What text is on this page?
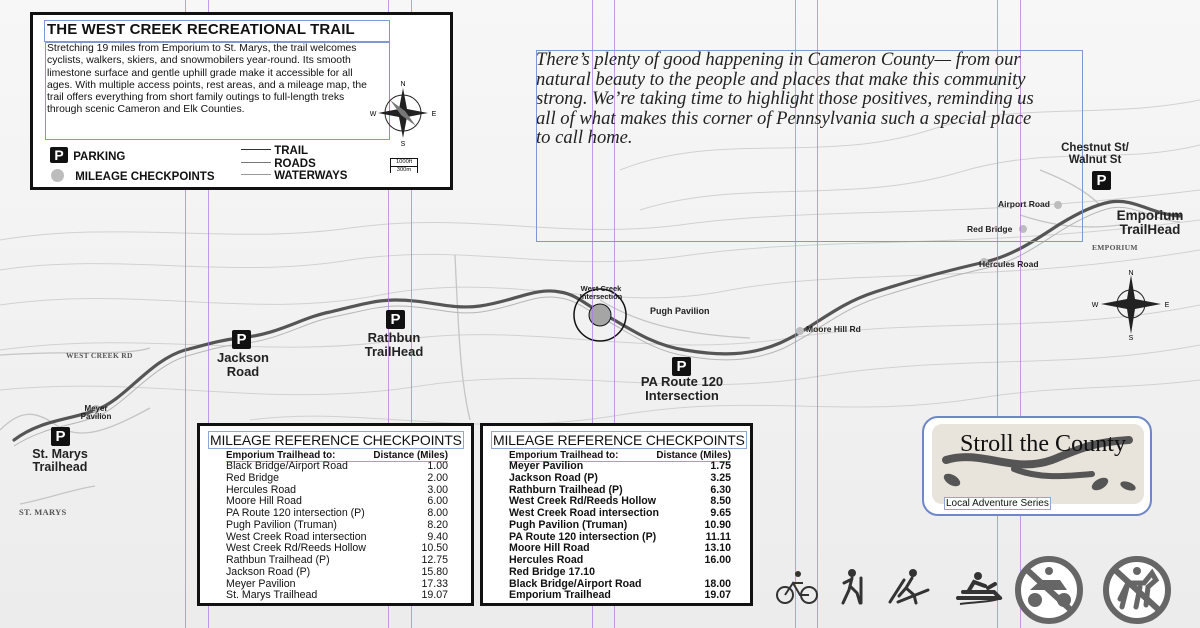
THE WEST CREEK RECREATIONAL TRAIL
Stretching 19 miles from Emporium to St. Marys, the trail welcomes cyclists, walkers, skiers, and snowmobilers year-round. Its smooth limestone surface and gentle uphill grade make it accessible for all ages. With multiple access points, rest areas, and a mileage map, the trail offers everything from short family outings to full-length treks through scenic Cameron and Elk Counties.
P PARKING
MILEAGE CHECKPOINTS
TRAIL
ROADS
WATERWAYS
1000ft
300m
N
S
E
W
There’s plenty of good happening in Cameron County— from our natural beauty to the people and places that make this community strong. We’re taking time to highlight those positives, reminding us all of what makes this corner of Pennsylvania such a special place to call home.	Chestnut St/ Walnut St
P
Airport Road
Red Bridge
Emporium TrailHead
EMPORIUM
Hercules Road
West Creek Intersection
Pugh Pavilion
Moore Hill Rd
P
Rathbun TrailHead
P
Jackson Road	P
PA Route 120 Intersection
WEST CREEK RD
Meyer Pavilion
P
St. Marys Trailhead
ST. MARYS
N
S
E
W
MILEAGE REFERENCE CHECKPOINTS
Emporium Trailhead to:	Distance (Miles)
Black Bridge/Airport Road	1.00
Red Bridge	2.00
Hercules Road	3.00
Moore Hill Road	6.00
PA Route 120 intersection (P)	8.00
Pugh Pavilion (Truman)	8.20
West Creek Road intersection	9.40
West Creek Rd/Reeds Hollow	10.50
Rathbun Trailhead (P)	12.75
Jackson Road (P)	15.80
Meyer Pavilion	17.33
St. Marys Trailhead	19.07
MILEAGE REFERENCE CHECKPOINTS
Emporium Trailhead to:	Distance (Miles)
Meyer Pavilion	1.75
Jackson Road (P)	3.25
Rathburn Trailhead (P)	6.30
West Creek Rd/Reeds Hollow	8.50
West Creek Road intersection	9.65
Pugh Pavilion (Truman)	10.90
PA Route 120 intersection (P)	11.11
Moore Hill Road	13.10
Hercules Road	16.00
Red Bridge 17.10
Black Bridge/Airport Road	18.00
Emporium Trailhead	19.07
Stroll the County
Local Adventure Series
